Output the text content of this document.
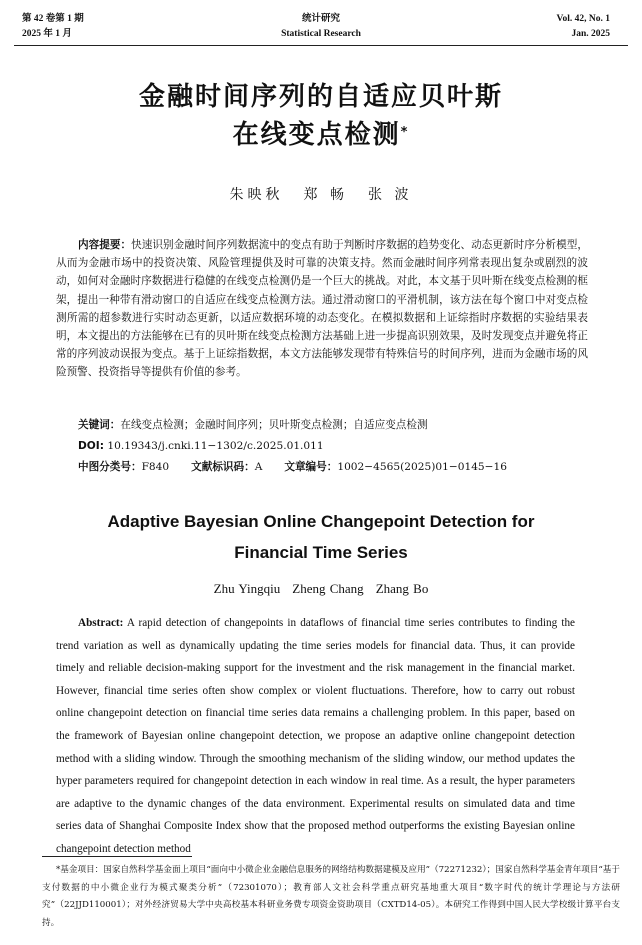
第 42 卷第 1 期
2025 年 1 月
统计研究
Statistical Research
Vol. 42, No. 1
Jan. 2025
金融时间序列的自适应贝叶斯
在线变点检测*
朱映秋 郑 畅 张 波

内容提要：快速识别金融时间序列数据流中的变点有助于判断时序数据的趋势变化、动态更新时序分析模型，从而为金融市场中的投资决策、风险管理提供及时可靠的决策支持。然而金融时间序列常表现出复杂或剧烈的波动，如何对金融时序数据进行稳健的在线变点检测仍是一个巨大的挑战。对此，本文基于贝叶斯在线变点检测的框架，提出一种带有滑动窗口的自适应在线变点检测方法。通过滑动窗口的平滑机制，该方法在每个窗口中对变点检测所需的超参数进行实时动态更新，以适应数据环境的动态变化。在模拟数据和上证综指时序数据的实验结果表明，本文提出的方法能够在已有的贝叶斯在线变点检测方法基础上进一步提高识别效果，及时发现变点并避免将正常的序列波动误报为变点。基于上证综指数据，本文方法能够发现带有特殊信号的时间序列，进而为金融市场的风险预警、投资指导等提供有价值的参考。

关键词：在线变点检测；金融时间序列；贝叶斯变点检测；自适应变点检测
DOI: 10.19343/j.cnki.11−1302/c.2025.01.011
中图分类号：F840 文献标识码：A 文章编号：1002−4565(2025)01−0145−16
Adaptive Bayesian Online Changepoint Detection for
Financial Time Series
Zhu Yingqiu Zheng Chang Zhang Bo

Abstract: A rapid detection of changepoints in dataflows of financial time series contributes to finding the trend variation as well as dynamically updating the time series models for financial data. Thus, it can provide timely and reliable decision-making support for the investment and the risk management in the financial market. However, financial time series often show complex or violent fluctuations. Therefore, how to carry out robust online changepoint detection on financial time series data remains a challenging problem. In this paper, based on the framework of Bayesian online changepoint detection, we propose an adaptive online changepoint detection method with a sliding window. Through the smoothing mechanism of the sliding window, our method updates the hyper parameters required for changepoint detection in each window in real time. As a result, the hyper parameters are adaptive to the dynamic changes of the data environment. Experimental results on simulated data and time series data of Shanghai Composite Index show that the proposed method outperforms the existing Bayesian online changepoint detection method

*基金项目：国家自然科学基金面上项目“面向中小微企业金融信息服务的网络结构数据建模及应用”（72271232）；国家自然科学基金青年项目“基于支付数据的中小微企业行为模式聚类分析”（72301070）；教育部人文社会科学重点研究基地重大项目“数字时代的统计学理论与方法研究”（22JJD110001）；对外经济贸易大学中央高校基本科研业务费专项资金资助项目（CXTD14-05）。本研究工作得到中国人民大学校级计算平台支持。
